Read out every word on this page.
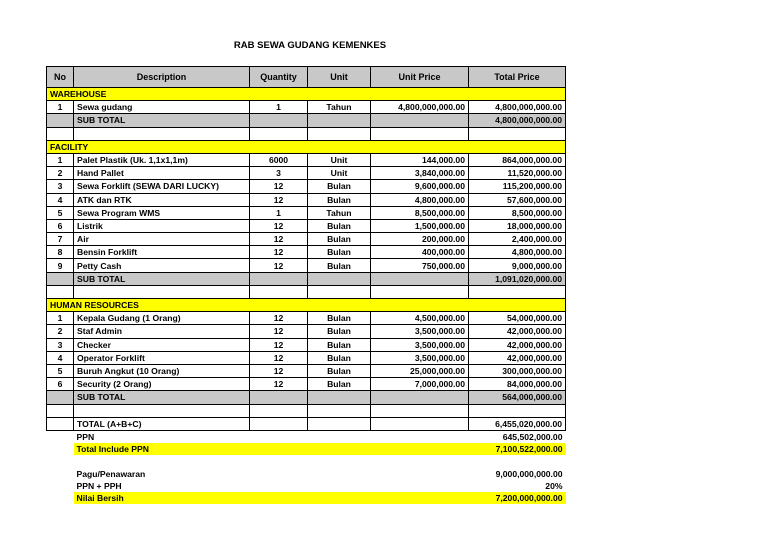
RAB SEWA GUDANG KEMENKES
No	Description	Quantity	Unit	Unit Price	Total Price
WAREHOUSE					
1	Sewa gudang	1	Tahun	4,800,000,000.00	4,800,000,000.00
	SUB TOTAL				4,800,000,000.00

FACILITY					
1	Palet Plastik (Uk. 1,1x1,1m)	6000	Unit	144,000.00	864,000,000.00
2	Hand Pallet	3	Unit	3,840,000.00	11,520,000.00
3	Sewa Forklift (SEWA DARI LUCKY)	12	Bulan	9,600,000.00	115,200,000.00
4	ATK dan RTK	12	Bulan	4,800,000.00	57,600,000.00
5	Sewa Program WMS	1	Tahun	8,500,000.00	8,500,000.00
6	Listrik	12	Bulan	1,500,000.00	18,000,000.00
7	Air	12	Bulan	200,000.00	2,400,000.00
8	Bensin Forklift	12	Bulan	400,000.00	4,800,000.00
9	Petty Cash	12	Bulan	750,000.00	9,000,000.00
	SUB TOTAL				1,091,020,000.00

HUMAN RESOURCES					
1	Kepala Gudang (1 Orang)	12	Bulan	4,500,000.00	54,000,000.00
2	Staf Admin	12	Bulan	3,500,000.00	42,000,000.00
3	Checker	12	Bulan	3,500,000.00	42,000,000.00
4	Operator Forklift	12	Bulan	3,500,000.00	42,000,000.00
5	Buruh Angkut (10 Orang)	12	Bulan	25,000,000.00	300,000,000.00
6	Security (2 Orang)	12	Bulan	7,000,000.00	84,000,000.00
	SUB TOTAL				564,000,000.00

	TOTAL (A+B+C)				6,455,020,000.00
	PPN				645,502,000.00
	Total Include PPN				7,100,522,000.00

	Pagu/Penawaran				9,000,000,000.00
	PPN + PPH				20%
	Nilai Bersih				7,200,000,000.00
